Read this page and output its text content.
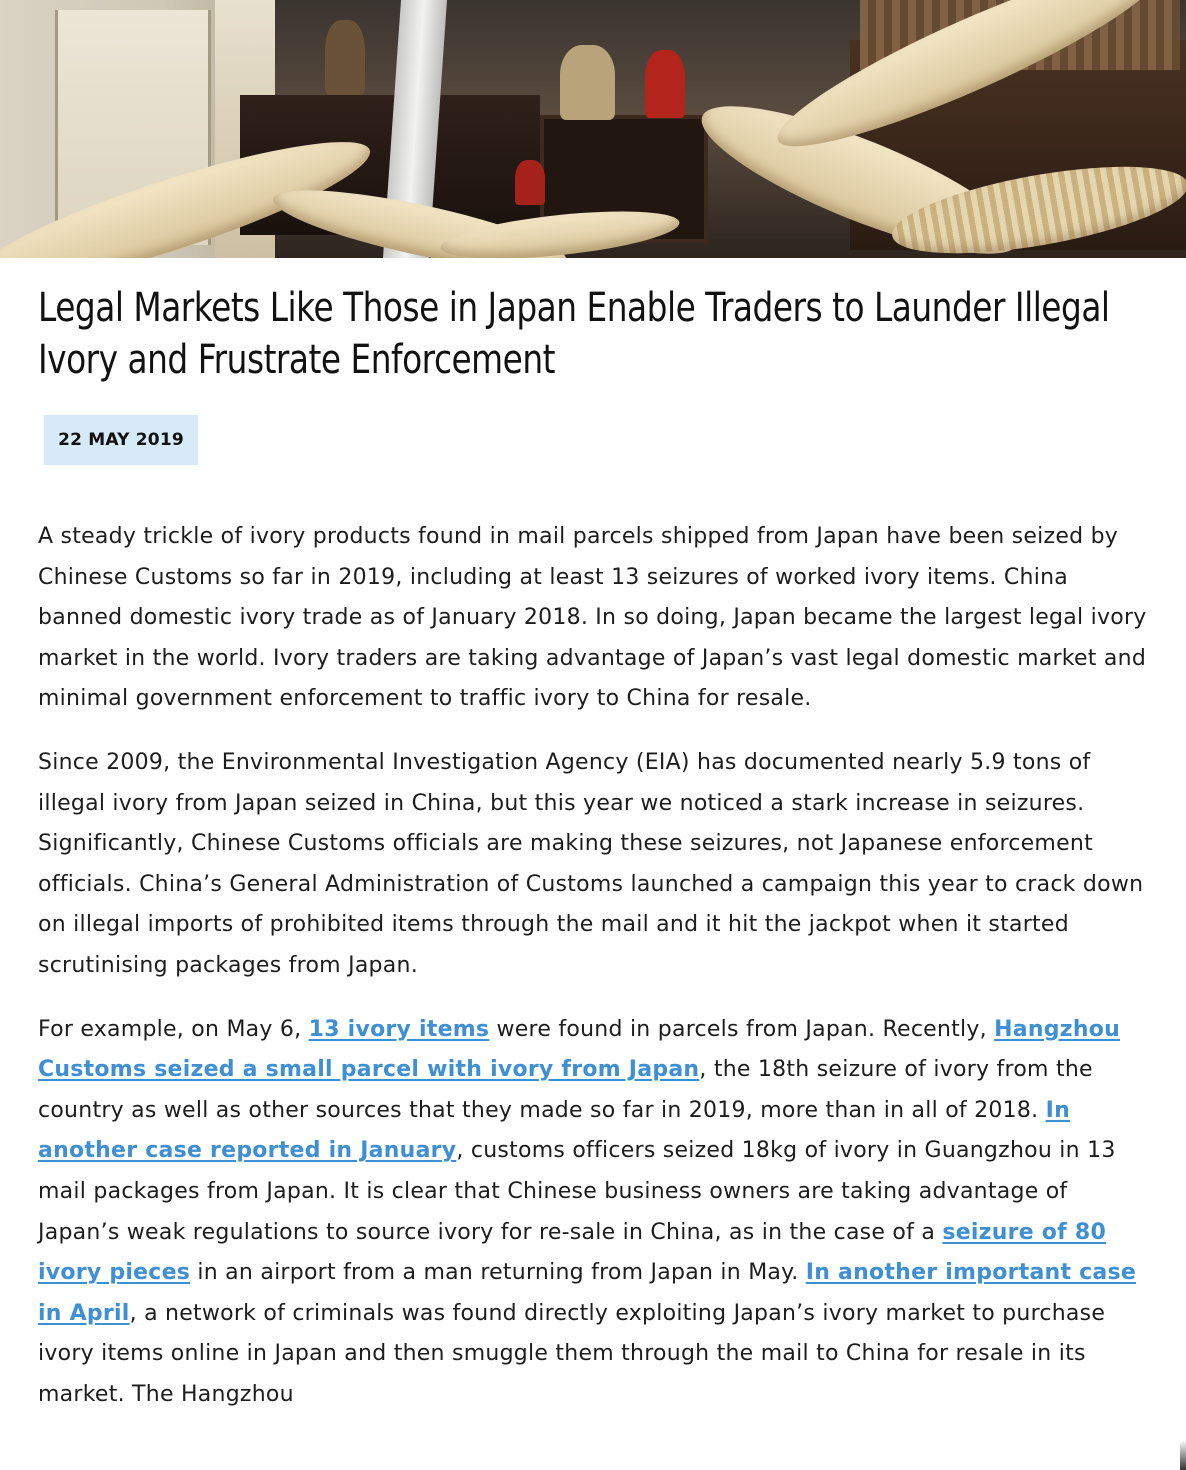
Legal Markets Like Those in Japan Enable Traders to Launder Illegal Ivory and Frustrate Enforcement
22 MAY 2019

A steady trickle of ivory products found in mail parcels shipped from Japan have been seized by Chinese Customs so far in 2019, including at least 13 seizures of worked ivory items. China banned domestic ivory trade as of January 2018. In so doing, Japan became the largest legal ivory market in the world. Ivory traders are taking advantage of Japan’s vast legal domestic market and minimal government enforcement to traffic ivory to China for resale.

Since 2009, the Environmental Investigation Agency (EIA) has documented nearly 5.9 tons of illegal ivory from Japan seized in China, but this year we noticed a stark increase in seizures. Significantly, Chinese Customs officials are making these seizures, not Japanese enforcement officials. China’s General Administration of Customs launched a campaign this year to crack down on illegal imports of prohibited items through the mail and it hit the jackpot when it started scrutinising packages from Japan.

For example, on May 6, 13 ivory items were found in parcels from Japan. Recently, Hangzhou Customs seized a small parcel with ivory from Japan, the 18th seizure of ivory from the country as well as other sources that they made so far in 2019, more than in all of 2018. In another case reported in January, customs officers seized 18kg of ivory in Guangzhou in 13 mail packages from Japan. It is clear that Chinese business owners are taking advantage of Japan’s weak regulations to source ivory for re-sale in China, as in the case of a seizure of 80 ivory pieces in an airport from a man returning from Japan in May. In another important case in April, a network of criminals was found directly exploiting Japan’s ivory market to purchase ivory items online in Japan and then smuggle them through the mail to China for resale in its market. The Hangzhou
